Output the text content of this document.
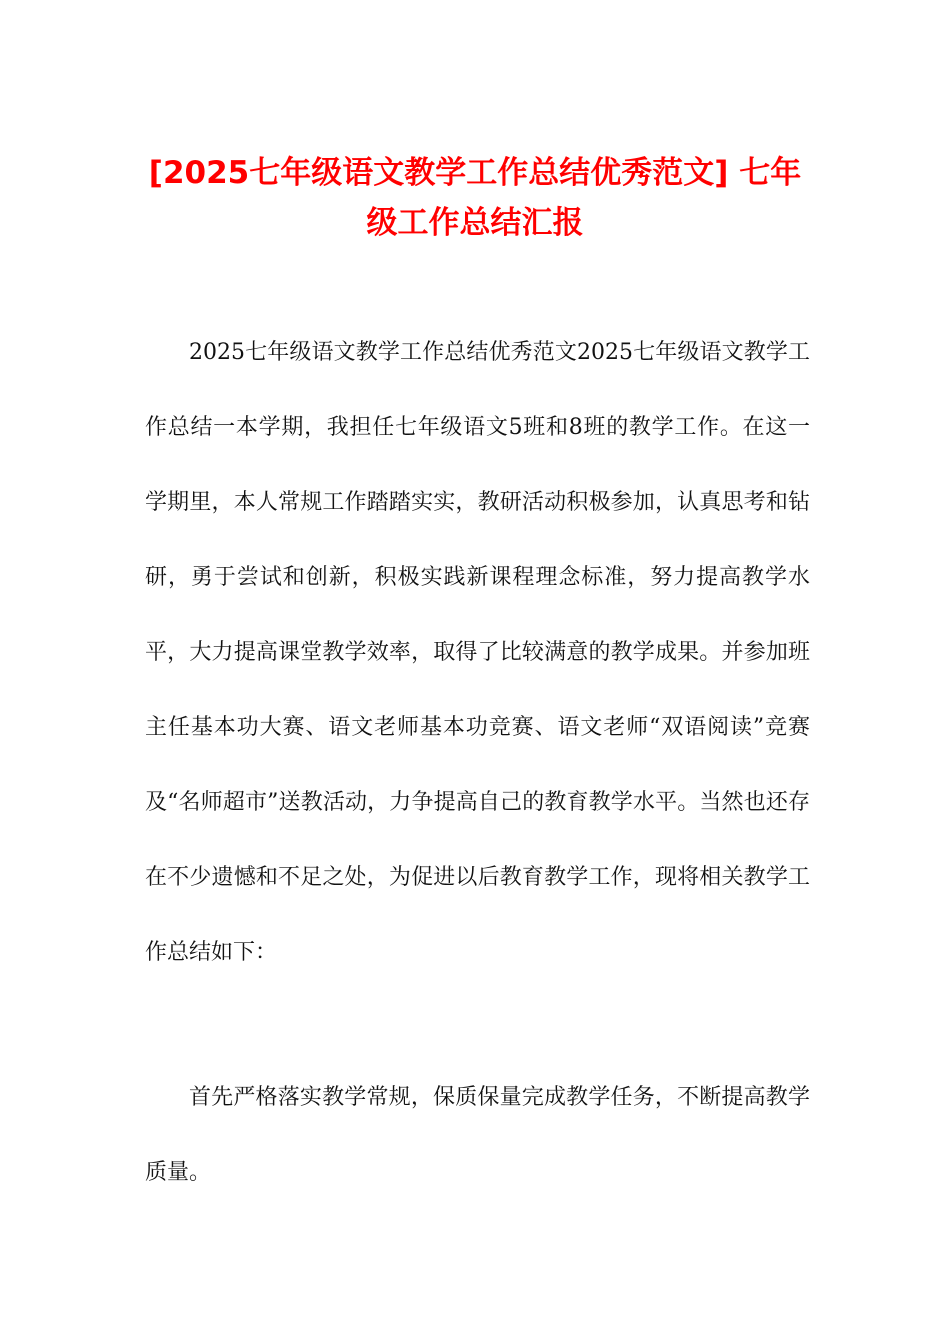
[2025七年级语文教学工作总结优秀范文] 七年级工作总结汇报

2025七年级语文教学工作总结优秀范文2025七年级语文教学工作总结一本学期，我担任七年级语文5班和8班的教学工作。在这一学期里，本人常规工作踏踏实实，教研活动积极参加，认真思考和钻研，勇于尝试和创新，积极实践新课程理念标准，努力提高教学水平，大力提高课堂教学效率，取得了比较满意的教学成果。并参加班主任基本功大赛、语文老师基本功竞赛、语文老师“双语阅读”竞赛及“名师超市”送教活动，力争提高自己的教育教学水平。当然也还存在不少遗憾和不足之处，为促进以后教育教学工作，现将相关教学工作总结如下：

首先严格落实教学常规，保质保量完成教学任务，不断提高教学质量。
